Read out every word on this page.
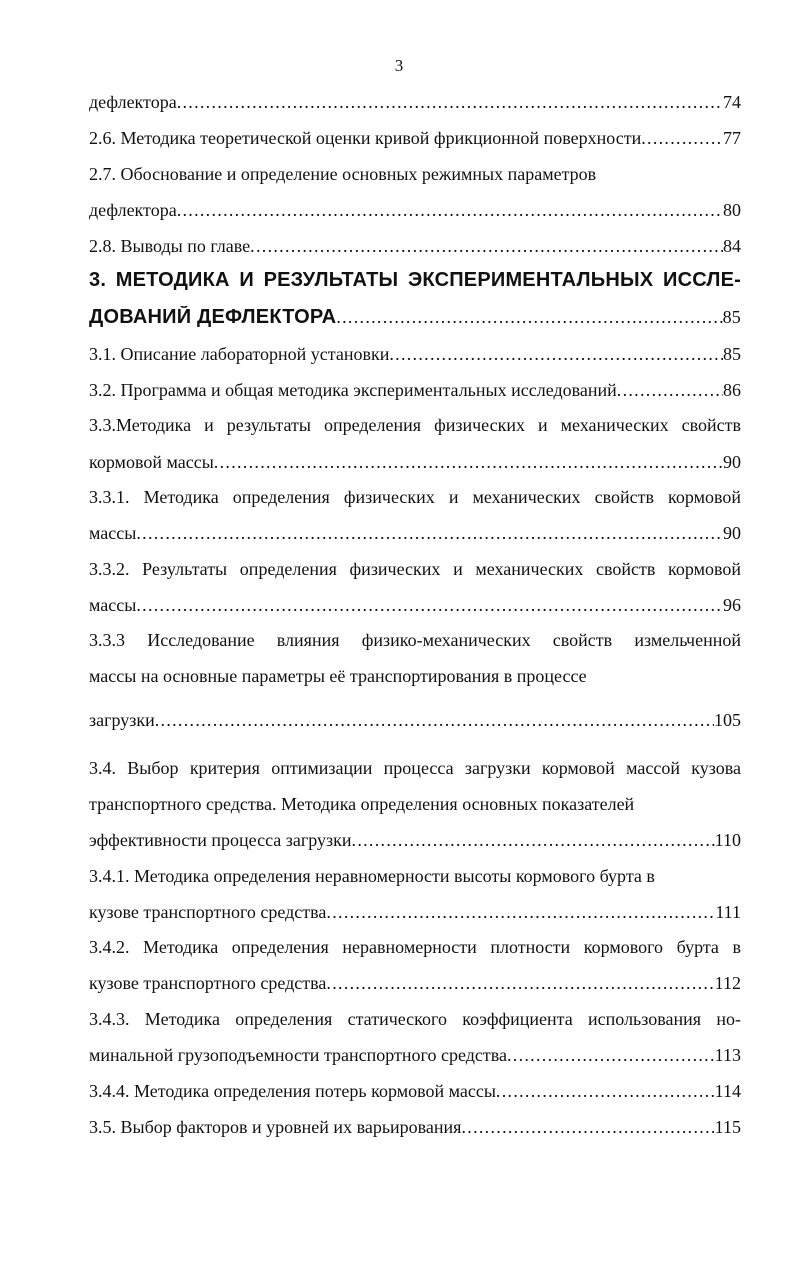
3
дефлектора .....	74
2.6. Методика теоретической оценки кривой фрикционной поверхности .....	77
2.7. Обоснование и определение основных режимных параметров
дефлектора .....	80
2.8. Выводы по главе .....	84
3. МЕТОДИКА И РЕЗУЛЬТАТЫ ЭКСПЕРИМЕНТАЛЬНЫХ ИССЛЕ-
ДОВАНИЙ ДЕФЛЕКТОРА .....	85
3.1. Описание лабораторной установки .....	85
3.2. Программа и общая методика экспериментальных исследований .....	86
3.3.Методика и результаты определения физических и механических свойств
кормовой массы .....	90
3.3.1. Методика определения физических и механических свойств кормовой
массы .....	90
3.3.2. Результаты определения физических и механических свойств кормовой
массы .....	96
3.3.3 Исследование влияния физико-механических свойств измельченной
массы на основные параметры её транспортирования в процессе
загрузки .....	105
3.4. Выбор критерия оптимизации процесса загрузки кормовой массой кузова
транспортного средства. Методика определения основных показателей
эффективности процесса загрузки .....	110
3.4.1. Методика определения неравномерности высоты кормового бурта в
кузове транспортного средства .....	111
3.4.2. Методика определения неравномерности плотности кормового бурта в
кузове транспортного средства .....	112
3.4.3. Методика определения статического коэффициента использования но-
минальной грузоподъемности транспортного средства .....	113
3.4.4. Методика определения потерь кормовой массы .....	114
3.5. Выбор факторов и уровней их варьирования .....	115
